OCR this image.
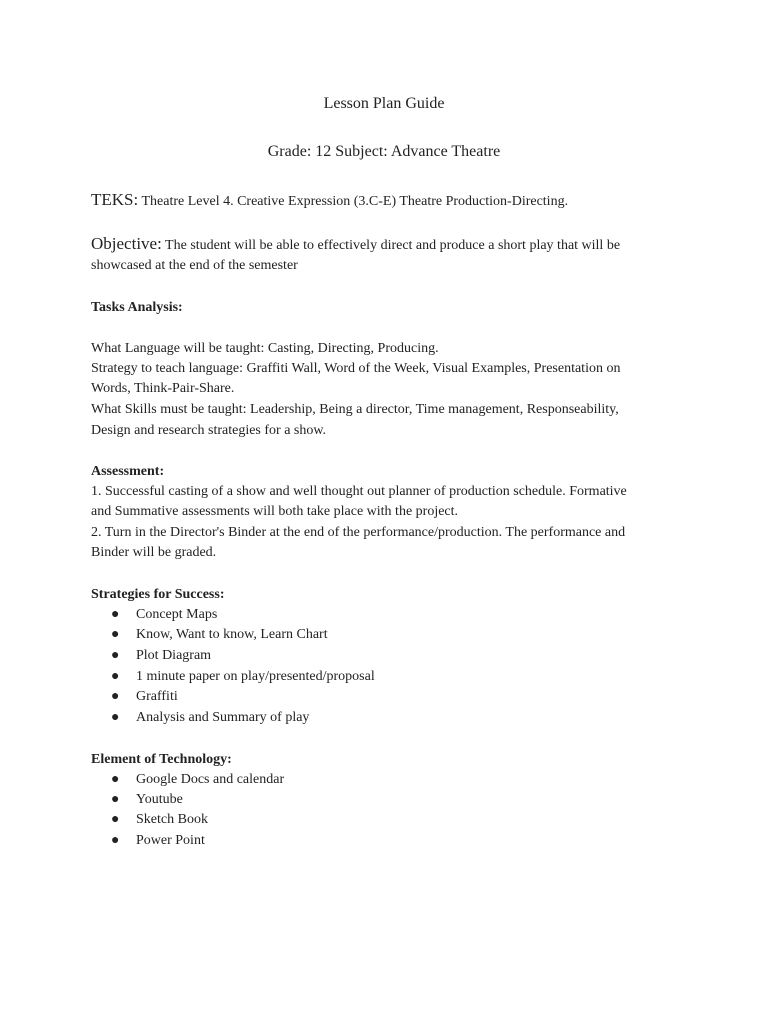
Lesson Plan Guide
Grade: 12 Subject: Advance Theatre
TEKS: Theatre Level 4. Creative Expression (3.C-E) Theatre Production-Directing.
Objective: The student will be able to effectively direct and produce a short play that will be
showcased at the end of the semester
Tasks Analysis:
What Language will be taught: Casting, Directing, Producing.
Strategy to teach language: Graffiti Wall, Word of the Week, Visual Examples, Presentation on
Words, Think-Pair-Share.
What Skills must be taught: Leadership, Being a director, Time management, Responseability,
Design and research strategies for a show.
Assessment:
1. Successful casting of a show and well thought out planner of production schedule. Formative
and Summative assessments will both take place with the project.
2. Turn in the Director's Binder at the end of the performance/production. The performance and
Binder will be graded.
Strategies for Success:
● Concept Maps
● Know, Want to know, Learn Chart
● Plot Diagram
● 1 minute paper on play/presented/proposal
● Graffiti
● Analysis and Summary of play
Element of Technology:
● Google Docs and calendar
● Youtube
● Sketch Book
● Power Point
